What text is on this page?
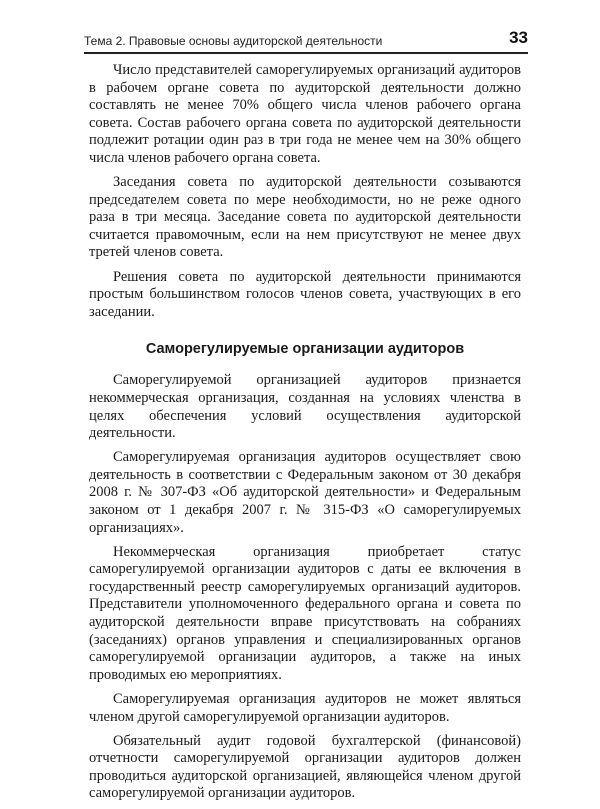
Тема 2. Правовые основы аудиторской деятельности	33

Число представителей саморегулируемых организаций аудиторов в рабочем органе совета по аудиторской деятельности должно составлять не менее 70% общего числа членов рабочего органа совета. Состав рабочего органа совета по аудиторской деятельности подлежит ротации один раз в три года не менее чем на 30% общего числа членов рабочего органа совета.

Заседания совета по аудиторской деятельности созываются председателем совета по мере необходимости, но не реже одного раза в три месяца. Заседание совета по аудиторской деятельности считается правомочным, если на нем присутствуют не менее двух третей членов совета.

Решения совета по аудиторской деятельности принимаются простым большинством голосов членов совета, участвующих в его заседании.

Саморегулируемые организации аудиторов

Саморегулируемой организацией аудиторов признается некоммерческая организация, созданная на условиях членства в целях обеспечения условий осуществления аудиторской деятельности.

Саморегулируемая организация аудиторов осуществляет свою деятельность в соответствии с Федеральным законом от 30 декабря 2008 г. № 307-ФЗ «Об аудиторской деятельности» и Федеральным законом от 1 декабря 2007 г. № 315-ФЗ «О саморегулируемых организациях».

Некоммерческая организация приобретает статус саморегулируемой организации аудиторов с даты ее включения в государственный реестр саморегулируемых организаций аудиторов. Представители уполномоченного федерального органа и совета по аудиторской деятельности вправе присутствовать на собраниях (заседаниях) органов управления и специализированных органов саморегулируемой организации аудиторов, а также на иных проводимых ею мероприятиях.

Саморегулируемая организация аудиторов не может являться членом другой саморегулируемой организации аудиторов.

Обязательный аудит годовой бухгалтерской (финансовой) отчетности саморегулируемой организации аудиторов должен проводиться аудиторской организацией, являющейся членом другой саморегулируемой организации аудиторов.
